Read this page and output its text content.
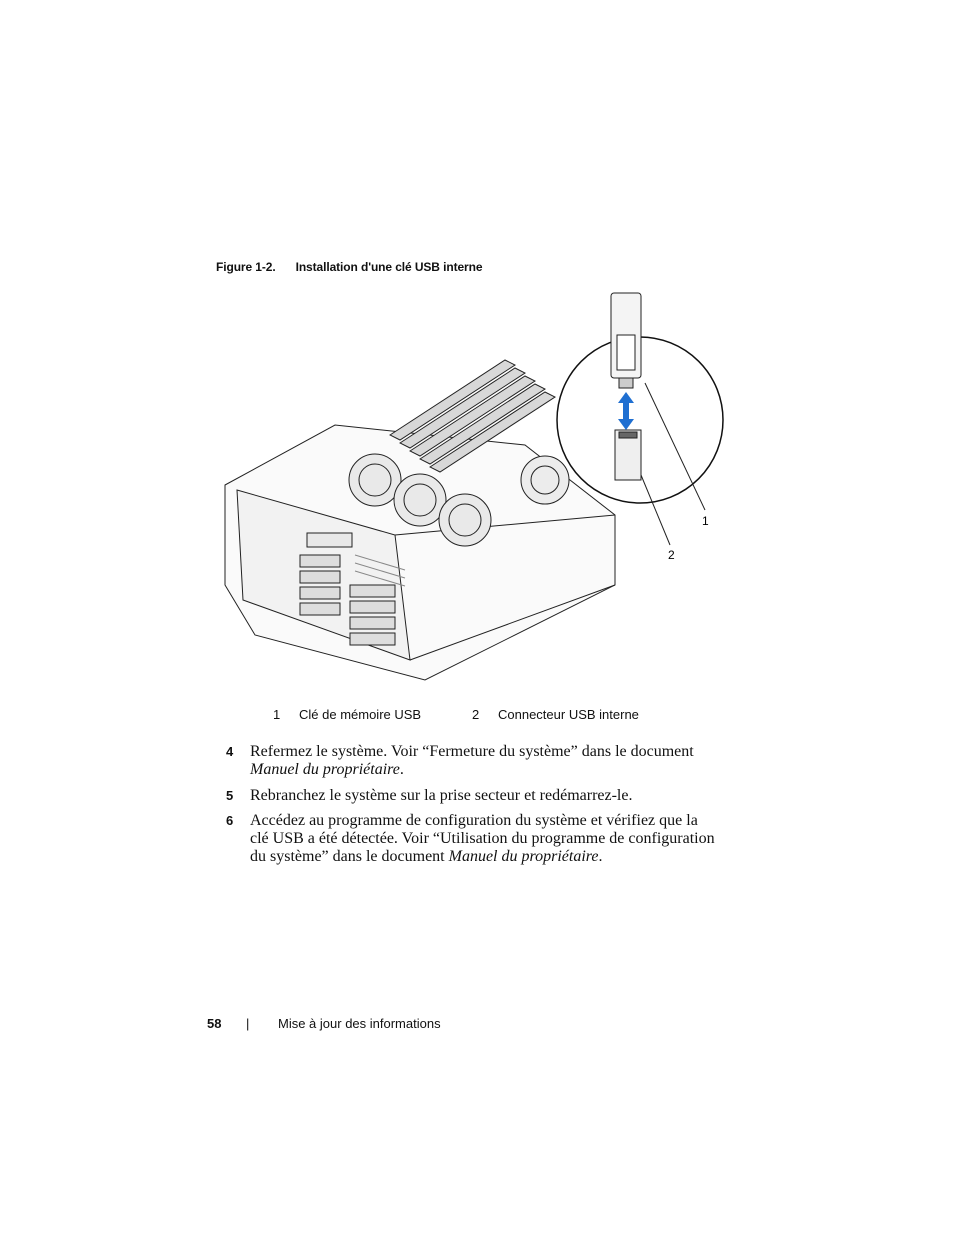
Figure 1-2. Installation d'une clé USB interne
1
2
1 Clé de mémoire USB	2 Connecteur USB interne
4 Refermez le système. Voir “Fermeture du système” dans le document Manuel du propriétaire.
5 Rebranchez le système sur la prise secteur et redémarrez-le.
6 Accédez au programme de configuration du système et vérifiez que la clé USB a été détectée. Voir “Utilisation du programme de configuration du système” dans le document Manuel du propriétaire.
58 | Mise à jour des informations
